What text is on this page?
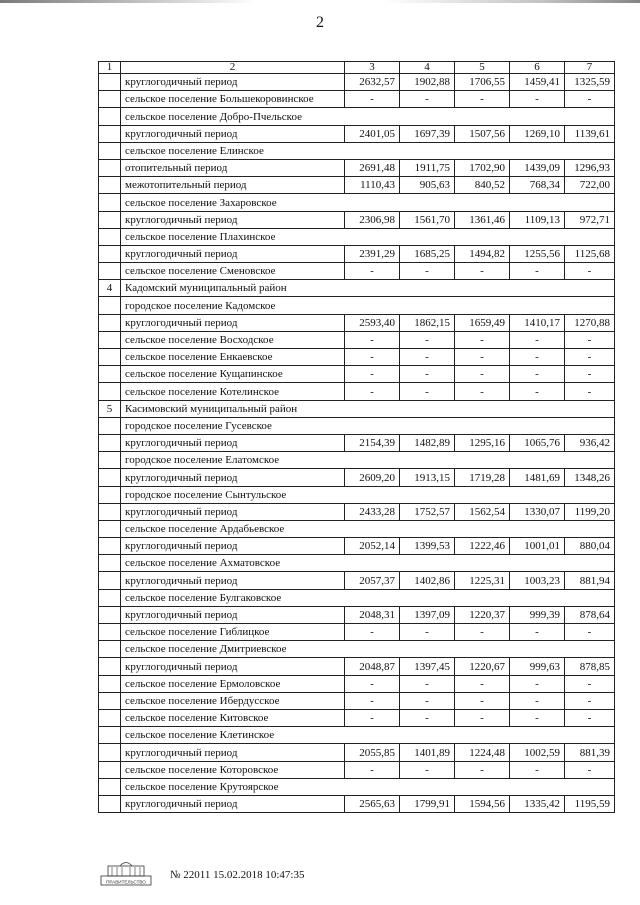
2
1	2	3	4	5	6	7
	круглогодичный период	2632,57	1902,88	1706,55	1459,41	1325,59
	сельское поселение Большекоровинское	-	-	-	-	-
	сельское поселение Добро-Пчельское					
	круглогодичный период	2401,05	1697,39	1507,56	1269,10	1139,61
	сельское поселение Елинское					
	отопительный период	2691,48	1911,75	1702,90	1439,09	1296,93
	межотопительный период	1110,43	905,63	840,52	768,34	722,00
	сельское поселение Захаровское					
	круглогодичный период	2306,98	1561,70	1361,46	1109,13	972,71
	сельское поселение Плахинское					
	круглогодичный период	2391,29	1685,25	1494,82	1255,56	1125,68
	сельское поселение Сменовское	-	-	-	-	-
4	Кадомский муниципальный район					
	городское поселение Кадомское					
	круглогодичный период	2593,40	1862,15	1659,49	1410,17	1270,88
	сельское поселение Восходское	-	-	-	-	-
	сельское поселение Енкаевское	-	-	-	-	-
	сельское поселение Кущапинское	-	-	-	-	-
	сельское поселение Котелинское	-	-	-	-	-
5	Касимовский муниципальный район					
	городское поселение Гусевское					
	круглогодичный период	2154,39	1482,89	1295,16	1065,76	936,42
	городское поселение Елатомское					
	круглогодичный период	2609,20	1913,15	1719,28	1481,69	1348,26
	городское поселение Сынтульское					
	круглогодичный период	2433,28	1752,57	1562,54	1330,07	1199,20
	сельское поселение Ардабьевское					
	круглогодичный период	2052,14	1399,53	1222,46	1001,01	880,04
	сельское поселение Ахматовское					
	круглогодичный период	2057,37	1402,86	1225,31	1003,23	881,94
	сельское поселение Булгаковское					
	круглогодичный период	2048,31	1397,09	1220,37	999,39	878,64
	сельское поселение Гиблицкое	-	-	-	-	-
	сельское поселение Дмитриевское					
	круглогодичный период	2048,87	1397,45	1220,67	999,63	878,85
	сельское поселение Ермоловское	-	-	-	-	-
	сельское поселение Ибердусское	-	-	-	-	-
	сельское поселение Китовское	-	-	-	-	-
	сельское поселение Клетинское					
	круглогодичный период	2055,85	1401,89	1224,48	1002,59	881,39
	сельское поселение Которовское	-	-	-	-	-
	сельское поселение Крутоярское					
	круглогодичный период	2565,63	1799,91	1594,56	1335,42	1195,59
ПРАВИТЕЛЬСТВО
№ 22011 15.02.2018 10:47:35
